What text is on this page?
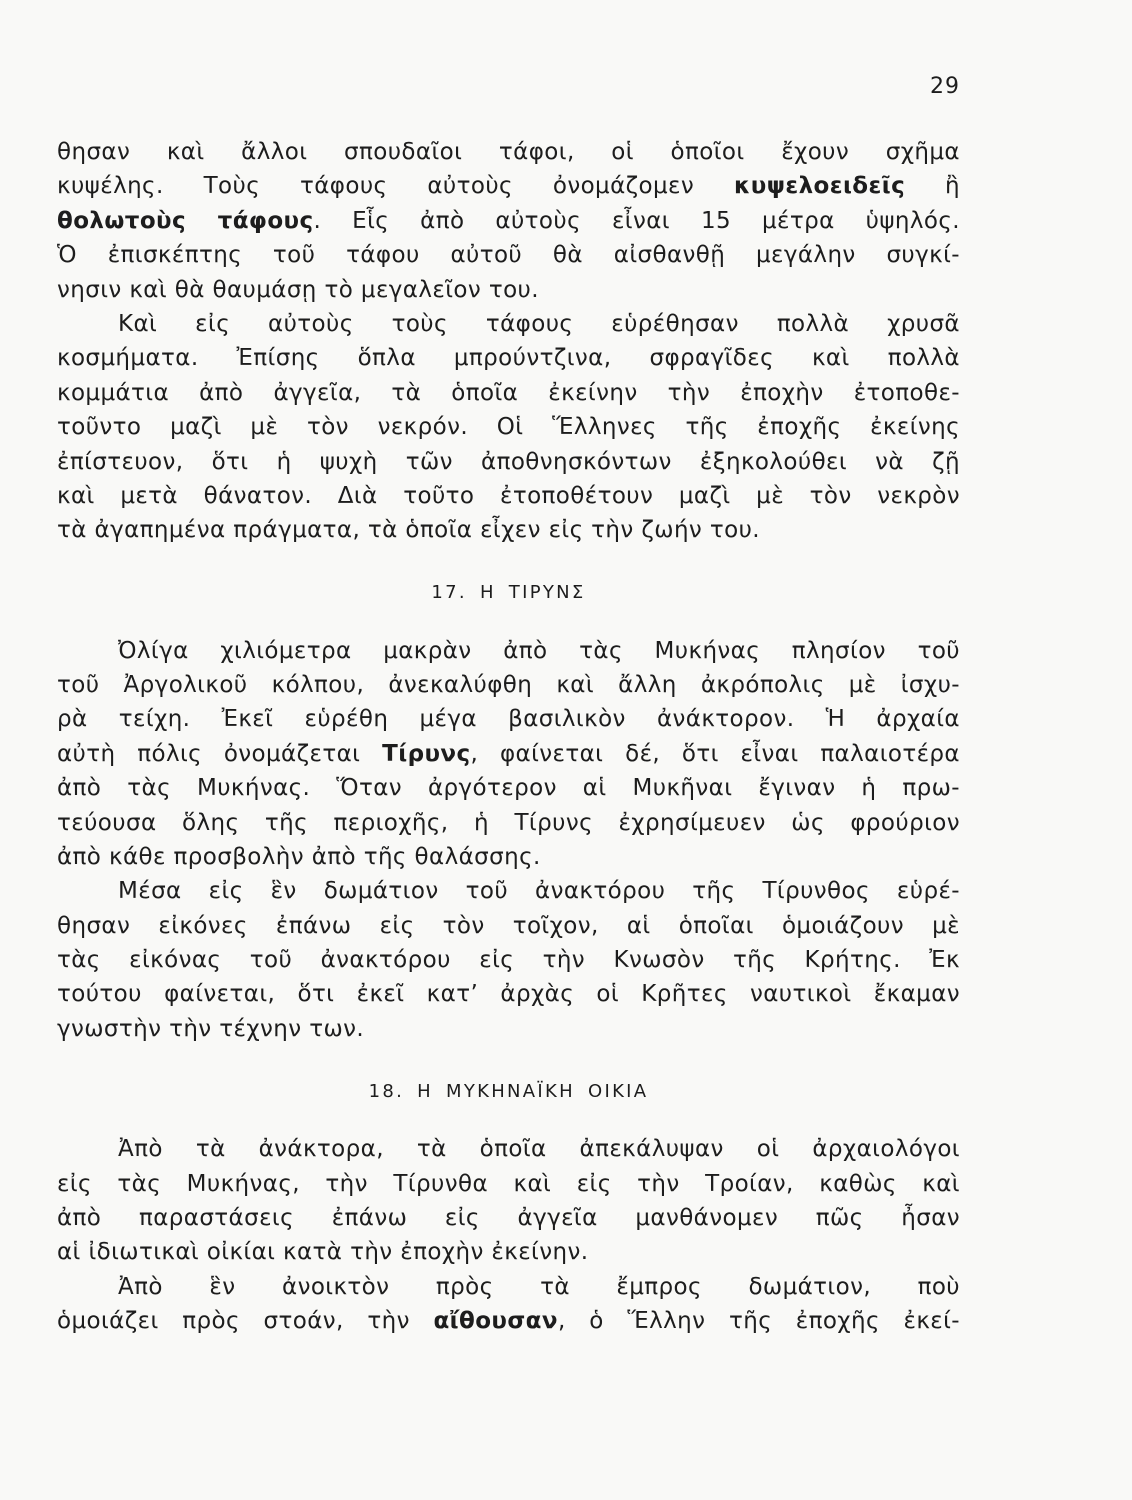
29
θησαν καὶ ἄλλοι σπουδαῖοι τάφοι, οἱ ὁποῖοι ἔχουν σχῆμα
κυψέλης. Τοὺς τάφους αὐτοὺς ὀνομάζομεν κυψελοειδεῖς ἢ
θολωτοὺς τάφους. Εἷς ἀπὸ αὐτοὺς εἶναι 15 μέτρα ὑψηλός.
Ὁ ἐπισκέπτης τοῦ τάφου αὐτοῦ θὰ αἰσθανθῇ μεγάλην συγκί-
νησιν καὶ θὰ θαυμάσῃ τὸ μεγαλεῖον του.
Καὶ εἰς αὐτοὺς τοὺς τάφους εὑρέθησαν πολλὰ χρυσᾶ
κοσμήματα. Ἐπίσης ὅπλα μπρούντζινα, σφραγῖδες καὶ πολλὰ
κομμάτια ἀπὸ ἀγγεῖα, τὰ ὁποῖα ἐκείνην τὴν ἐποχὴν ἐτοποθε-
τοῦντο μαζὶ μὲ τὸν νεκρόν. Οἱ Ἕλληνες τῆς ἐποχῆς ἐκείνης
ἐπίστευον, ὅτι ἡ ψυχὴ τῶν ἀποθνησκόντων ἐξηκολούθει νὰ ζῇ
καὶ μετὰ θάνατον. Διὰ τοῦτο ἐτοποθέτουν μαζὶ μὲ τὸν νεκρὸν
τὰ ἀγαπημένα πράγματα, τὰ ὁποῖα εἶχεν εἰς τὴν ζωήν του.
17. Η ΤΙΡΥΝΣ
Ὀλίγα χιλιόμετρα μακρὰν ἀπὸ τὰς Μυκήνας πλησίον τοῦ
τοῦ Ἀργολικοῦ κόλπου, ἀνεκαλύφθη καὶ ἄλλη ἀκρόπολις μὲ ἰσχυ-
ρὰ τείχη. Ἐκεῖ εὑρέθη μέγα βασιλικὸν ἀνάκτορον. Ἡ ἀρχαία
αὐτὴ πόλις ὀνομάζεται Τίρυνς, φαίνεται δέ, ὅτι εἶναι παλαιοτέρα
ἀπὸ τὰς Μυκήνας. Ὅταν ἀργότερον αἱ Μυκῆναι ἔγιναν ἡ πρω-
τεύουσα ὅλης τῆς περιοχῆς, ἡ Τίρυνς ἐχρησίμευεν ὡς φρούριον
ἀπὸ κάθε προσβολὴν ἀπὸ τῆς θαλάσσης.
Μέσα εἰς ἓν δωμάτιον τοῦ ἀνακτόρου τῆς Τίρυνθος εὑρέ-
θησαν εἰκόνες ἐπάνω εἰς τὸν τοῖχον, αἱ ὁποῖαι ὁμοιάζουν μὲ
τὰς εἰκόνας τοῦ ἀνακτόρου εἰς τὴν Κνωσὸν τῆς Κρήτης. Ἐκ
τούτου φαίνεται, ὅτι ἐκεῖ κατ’ ἀρχὰς οἱ Κρῆτες ναυτικοὶ ἔκαμαν
γνωστὴν τὴν τέχνην των.
18. Η ΜΥΚΗΝΑΪΚΗ ΟΙΚΙΑ
Ἀπὸ τὰ ἀνάκτορα, τὰ ὁποῖα ἀπεκάλυψαν οἱ ἀρχαιολόγοι
εἰς τὰς Μυκήνας, τὴν Τίρυνθα καὶ εἰς τὴν Τροίαν, καθὼς καὶ
ἀπὸ παραστάσεις ἐπάνω εἰς ἀγγεῖα μανθάνομεν πῶς ἦσαν
αἱ ἰδιωτικαὶ οἰκίαι κατὰ τὴν ἐποχὴν ἐκείνην.
Ἀπὸ ἓν ἀνοικτὸν πρὸς τὰ ἔμπρος δωμάτιον, ποὺ
ὁμοιάζει πρὸς στοάν, τὴν αἴθουσαν, ὁ Ἕλλην τῆς ἐποχῆς ἐκεί-
